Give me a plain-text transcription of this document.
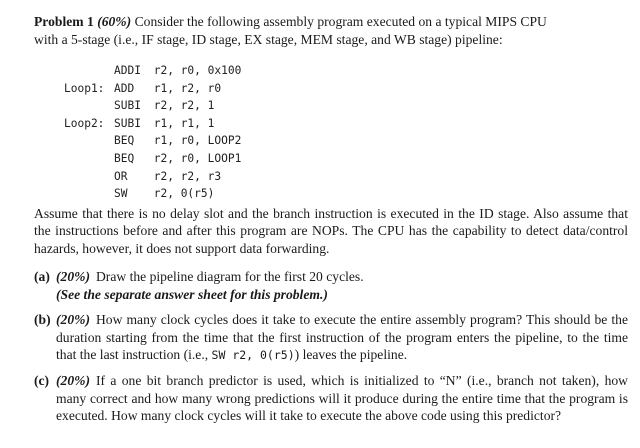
Problem 1 (60%) Consider the following assembly program executed on a typical MIPS CPU
with a 5-stage (i.e., IF stage, ID stage, EX stage, MEM stage, and WB stage) pipeline:
ADDI r2, r0, 0x100
Loop1: ADD r1, r2, r0
SUBI r2, r2, 1
Loop2: SUBI r1, r1, 1
BEQ r1, r0, LOOP2
BEQ r2, r0, LOOP1
OR r2, r2, r3
SW r2, 0(r5)
Assume that there is no delay slot and the branch instruction is executed in the ID stage. Also assume that the instructions before and after this program are NOPs. The CPU has the capability to detect data/control hazards, however, it does not support data forwarding.
(a) (20%) Draw the pipeline diagram for the first 20 cycles.
(See the separate answer sheet for this problem.)
(b) (20%) How many clock cycles does it take to execute the entire assembly program? This should be the duration starting from the time that the first instruction of the program enters the pipeline, to the time that the last instruction (i.e., SW r2, 0(r5)) leaves the pipeline.
(c) (20%) If a one bit branch predictor is used, which is initialized to “N” (i.e., branch not taken), how many correct and how many wrong predictions will it produce during the entire time that the program is executed. How many clock cycles will it take to execute the above code using this predictor?
